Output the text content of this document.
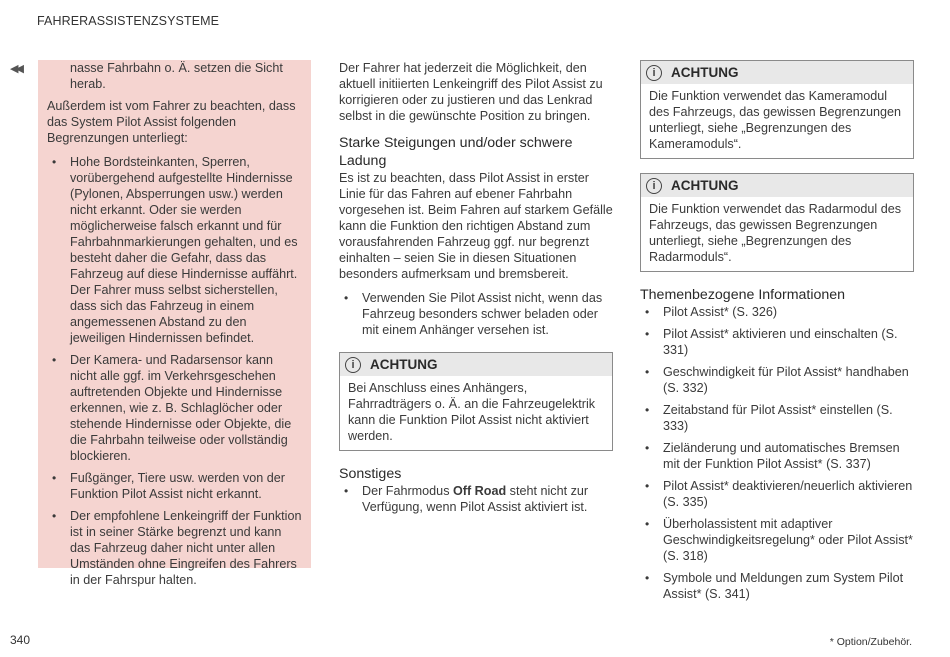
FAHRERASSISTENZSYSTEME
◀◀	nasse Fahrbahn o. Ä. setzen die Sicht herab.

Außerdem ist vom Fahrer zu beachten, dass das System Pilot Assist folgenden Begrenzungen unterliegt:

• Hohe Bordsteinkanten, Sperren, vorübergehend aufgestellte Hindernisse (Pylonen, Absperrungen usw.) werden nicht erkannt. Oder sie werden möglicherweise falsch erkannt und für Fahrbahnmarkierungen gehalten, und es besteht daher die Gefahr, dass das Fahrzeug auf diese Hindernisse auffährt. Der Fahrer muss selbst sicherstellen, dass sich das Fahrzeug in einem angemessenen Abstand zu den jeweiligen Hindernissen befindet.
• Der Kamera- und Radarsensor kann nicht alle ggf. im Verkehrsgeschehen auftretenden Objekte und Hindernisse erkennen, wie z. B. Schlaglöcher oder stehende Hindernisse oder Objekte, die die Fahrbahn teilweise oder vollständig blockieren.
• Fußgänger, Tiere usw. werden von der Funktion Pilot Assist nicht erkannt.
• Der empfohlene Lenkeingriff der Funktion ist in seiner Stärke begrenzt und kann das Fahrzeug daher nicht unter allen Umständen ohne Eingreifen des Fahrers in der Fahrspur halten.

Der Fahrer hat jederzeit die Möglichkeit, den aktuell initiierten Lenkeingriff des Pilot Assist zu korrigieren oder zu justieren und das Lenkrad selbst in die gewünschte Position zu bringen.

Starke Steigungen und/oder schwere Ladung

Es ist zu beachten, dass Pilot Assist in erster Linie für das Fahren auf ebener Fahrbahn vorgesehen ist. Beim Fahren auf starkem Gefälle kann die Funktion den richtigen Abstand zum vorausfahrenden Fahrzeug ggf. nur begrenzt einhalten – seien Sie in diesen Situationen besonders aufmerksam und bremsbereit.

• Verwenden Sie Pilot Assist nicht, wenn das Fahrzeug besonders schwer beladen oder mit einem Anhänger versehen ist.
i	ACHTUNG
Bei Anschluss eines Anhängers, Fahrradträgers o. Ä. an die Fahrzeugelektrik kann die Funktion Pilot Assist nicht aktiviert werden.
Sonstiges
• Der Fahrmodus Off Road steht nicht zur Verfügung, wenn Pilot Assist aktiviert ist.
i	ACHTUNG
Die Funktion verwendet das Kameramodul des Fahrzeugs, das gewissen Begrenzungen unterliegt, siehe „Begrenzungen des Kameramoduls“.
i	ACHTUNG
Die Funktion verwendet das Radarmodul des Fahrzeugs, das gewissen Begrenzungen unterliegt, siehe „Begrenzungen des Radarmoduls“.
Themenbezogene Informationen
• Pilot Assist* (S. 326)
• Pilot Assist* aktivieren und einschalten (S. 331)
• Geschwindigkeit für Pilot Assist* handhaben (S. 332)
• Zeitabstand für Pilot Assist* einstellen (S. 333)
• Zieländerung und automatisches Bremsen mit der Funktion Pilot Assist* (S. 337)
• Pilot Assist* deaktivieren/neuerlich aktivieren (S. 335)
• Überholassistent mit adaptiver Geschwindigkeitsregelung* oder Pilot Assist* (S. 318)
• Symbole und Meldungen zum System Pilot Assist* (S. 341)
340	* Option/Zubehör.
